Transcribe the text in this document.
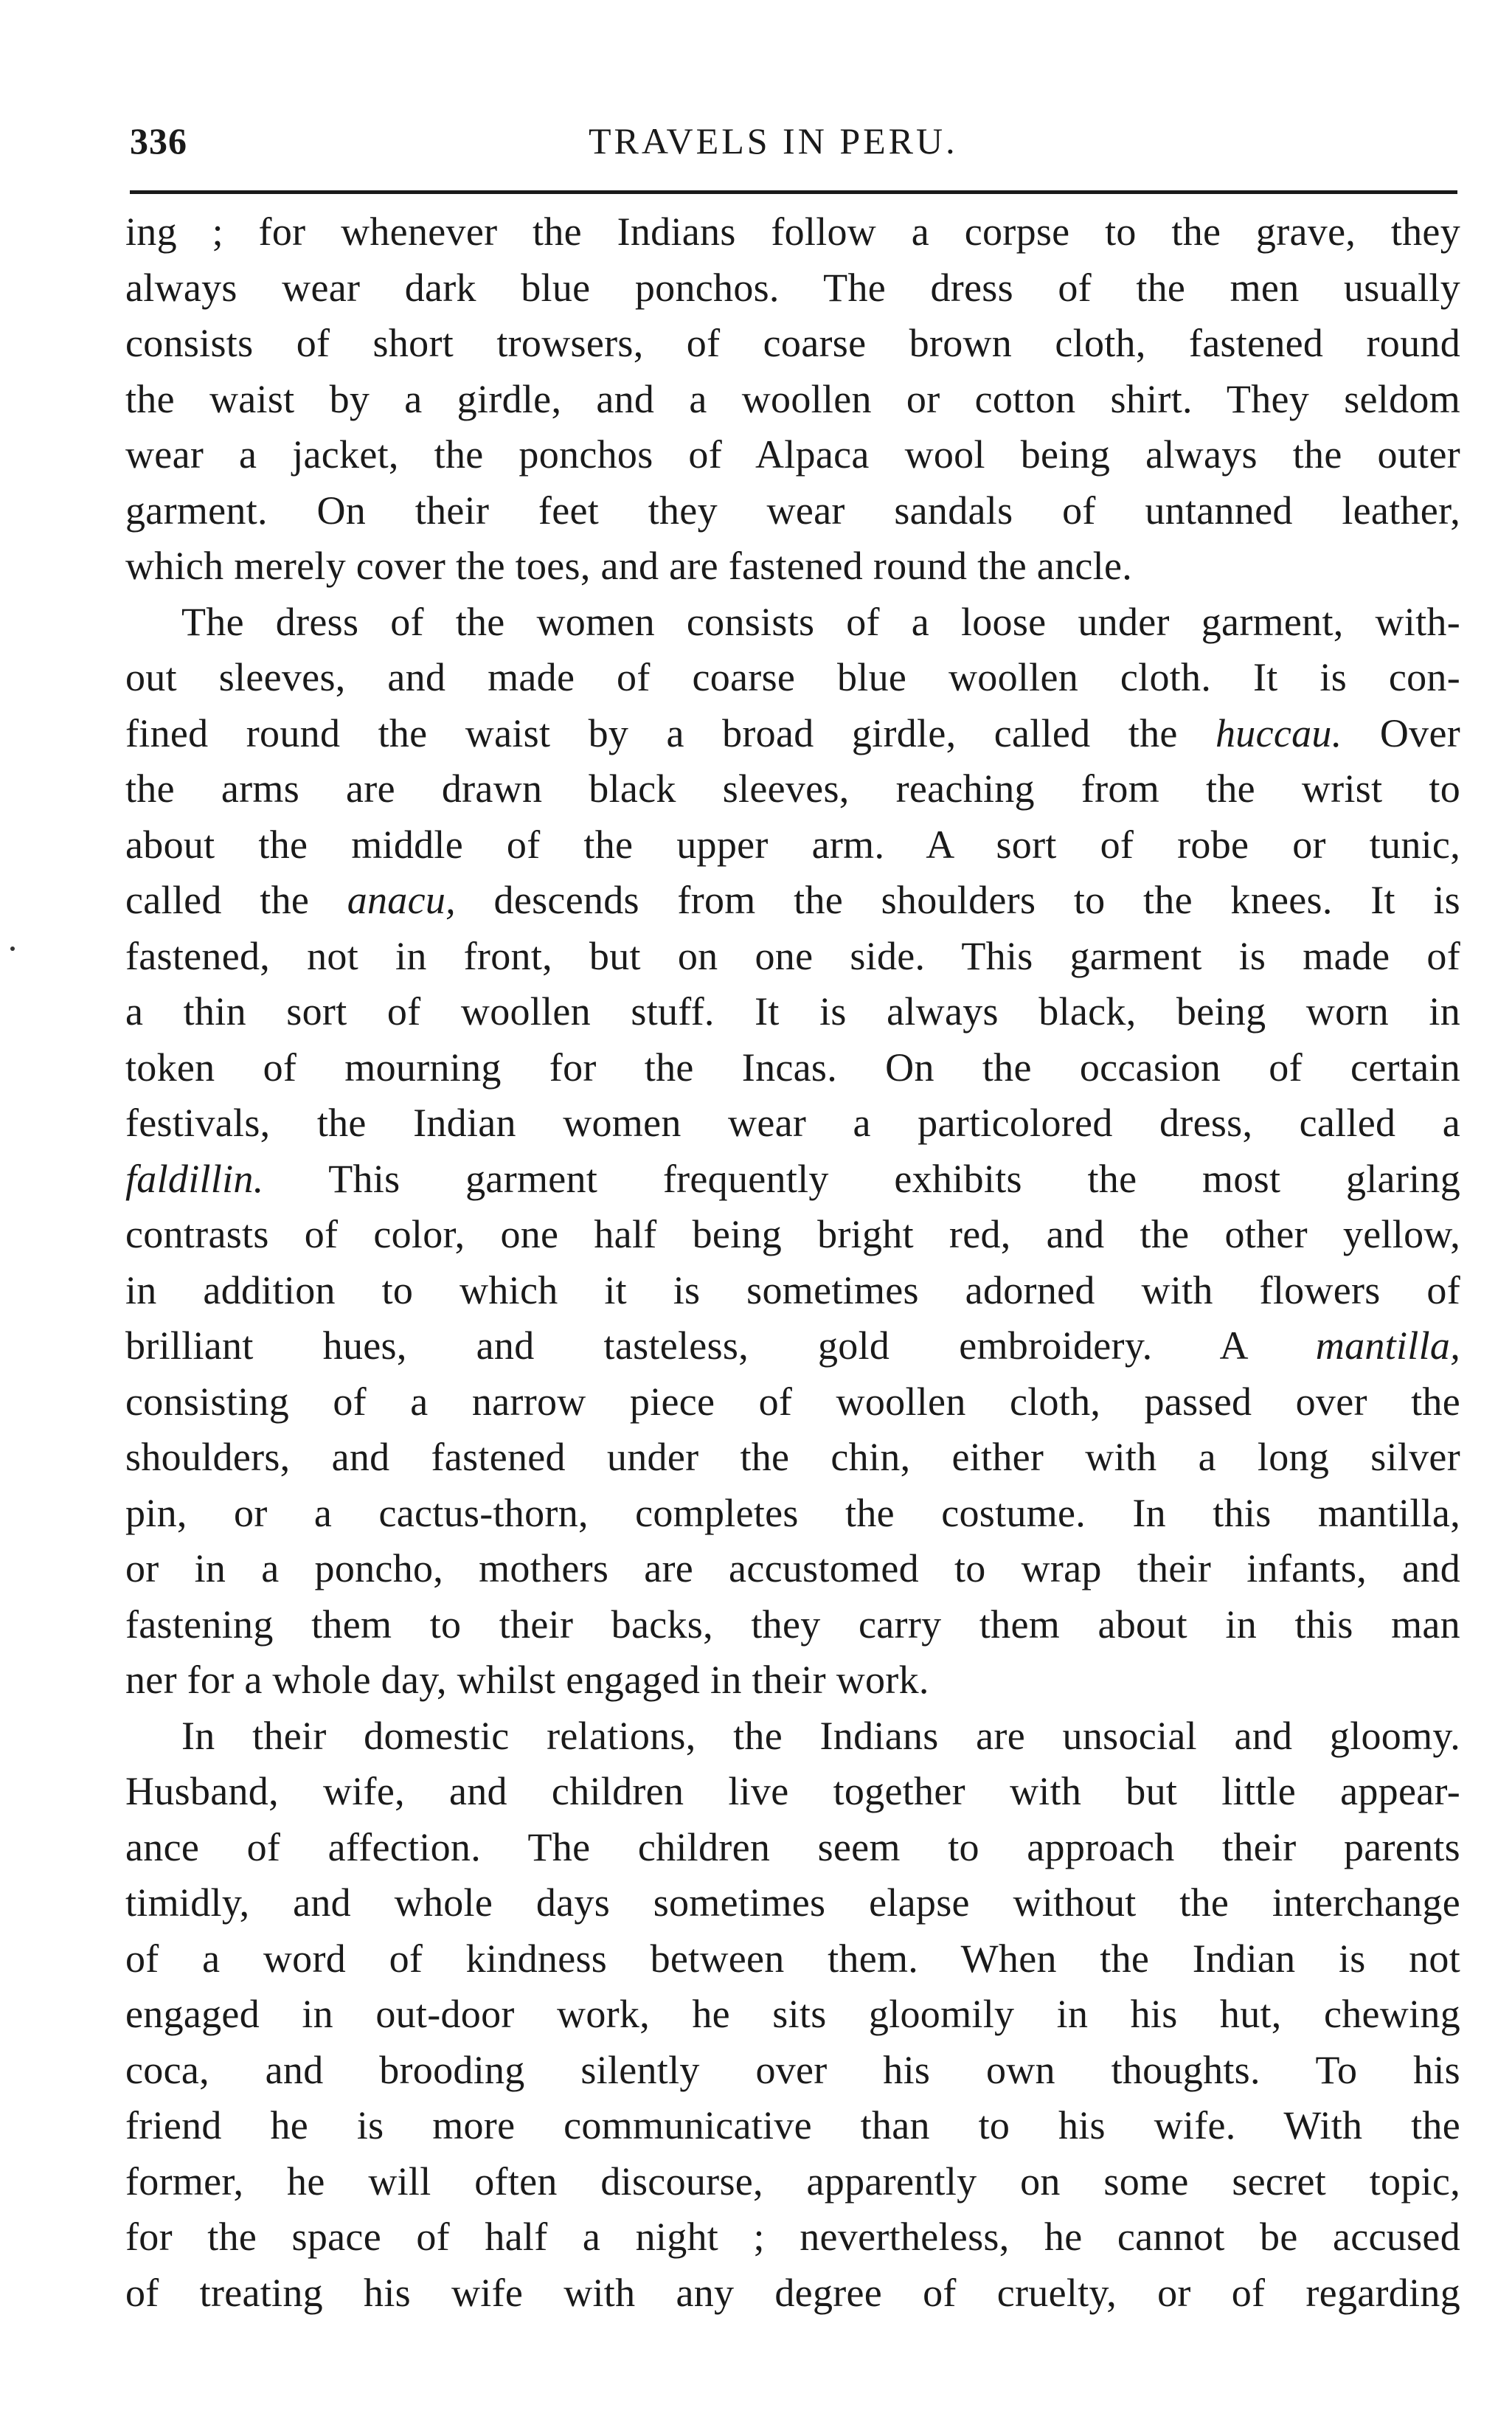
336	TRAVELS IN PERU.
ing ; for whenever the Indians follow a corpse to the grave, they
always wear dark blue ponchos. The dress of the men usually
consists of short trowsers, of coarse brown cloth, fastened round
the waist by a girdle, and a woollen or cotton shirt. They seldom
wear a jacket, the ponchos of Alpaca wool being always the outer
garment. On their feet they wear sandals of untanned leather,
which merely cover the toes, and are fastened round the ancle.
The dress of the women consists of a loose under garment, with-
out sleeves, and made of coarse blue woollen cloth. It is con-
fined round the waist by a broad girdle, called the huccau. Over
the arms are drawn black sleeves, reaching from the wrist to
about the middle of the upper arm. A sort of robe or tunic,
called the anacu, descends from the shoulders to the knees. It is
fastened, not in front, but on one side. This garment is made of
a thin sort of woollen stuff. It is always black, being worn in
token of mourning for the Incas. On the occasion of certain
festivals, the Indian women wear a particolored dress, called a
faldillin. This garment frequently exhibits the most glaring
contrasts of color, one half being bright red, and the other yellow,
in addition to which it is sometimes adorned with flowers of
brilliant hues, and tasteless, gold embroidery. A mantilla,
consisting of a narrow piece of woollen cloth, passed over the
shoulders, and fastened under the chin, either with a long silver
pin, or a cactus-thorn, completes the costume. In this mantilla,
or in a poncho, mothers are accustomed to wrap their infants, and
fastening them to their backs, they carry them about in this man
ner for a whole day, whilst engaged in their work.
In their domestic relations, the Indians are unsocial and gloomy.
Husband, wife, and children live together with but little appear-
ance of affection. The children seem to approach their parents
timidly, and whole days sometimes elapse without the interchange
of a word of kindness between them. When the Indian is not
engaged in out-door work, he sits gloomily in his hut, chewing
coca, and brooding silently over his own thoughts. To his
friend he is more communicative than to his wife. With the
former, he will often discourse, apparently on some secret topic,
for the space of half a night ; nevertheless, he cannot be accused
of treating his wife with any degree of cruelty, or of regarding
